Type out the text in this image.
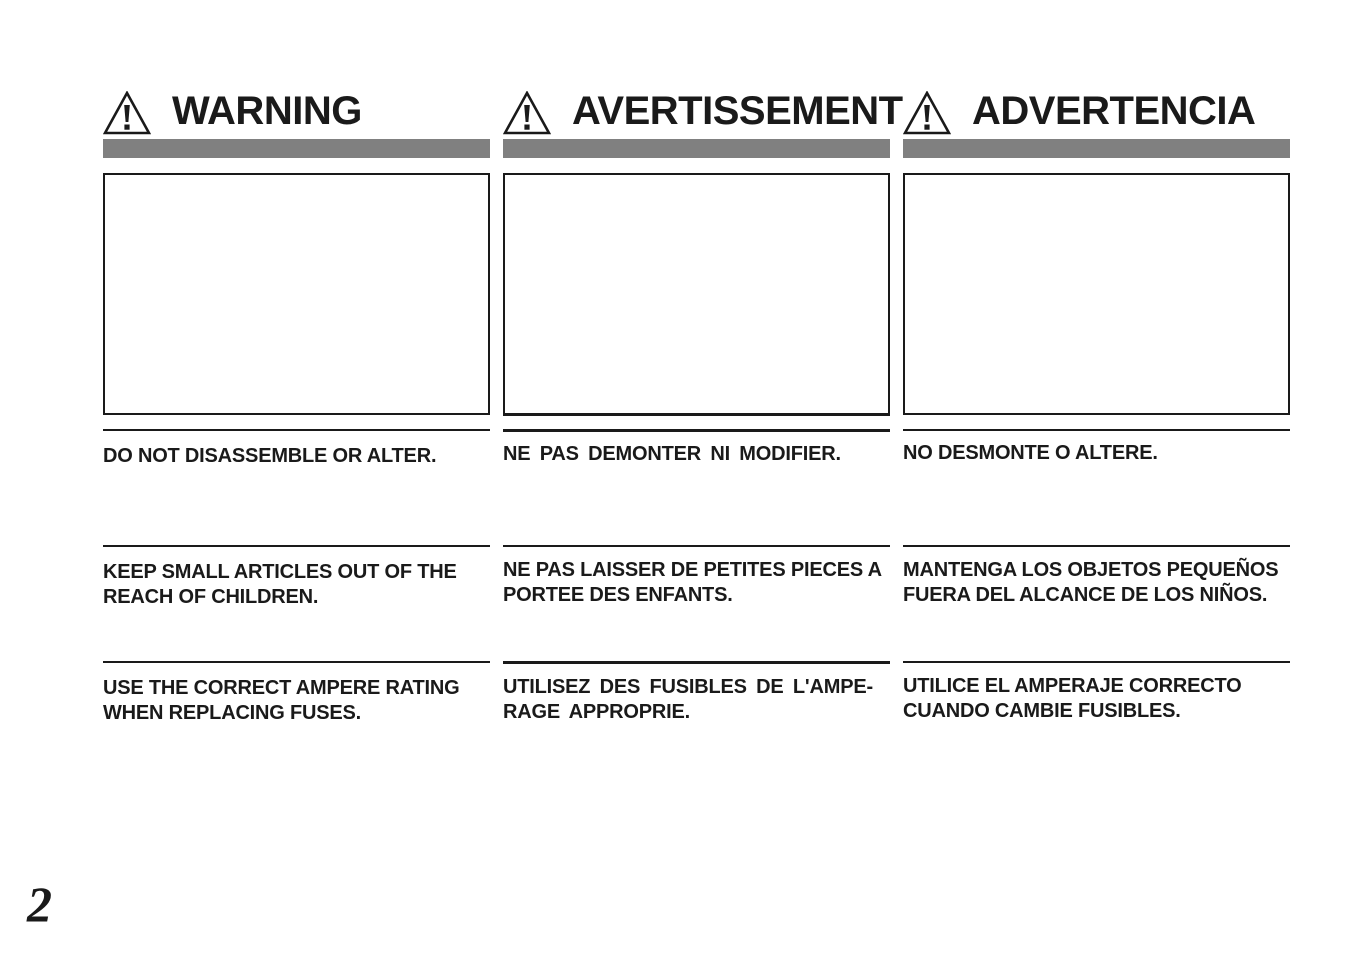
WARNING
DO NOT DISASSEMBLE OR ALTER.
KEEP SMALL ARTICLES OUT OF THE
REACH OF CHILDREN.
USE THE CORRECT AMPERE RATING
WHEN REPLACING FUSES.
AVERTISSEMENT
NE PAS DEMONTER NI MODIFIER.
NE PAS LAISSER DE PETITES PIECES A
PORTEE DES ENFANTS.
UTILISEZ DES FUSIBLES DE L'AMPE-
RAGE APPROPRIE.
ADVERTENCIA
NO DESMONTE O ALTERE.
MANTENGA LOS OBJETOS PEQUEÑOS
FUERA DEL ALCANCE DE LOS NIÑOS.
UTILICE EL AMPERAJE CORRECTO
CUANDO CAMBIE FUSIBLES.
2
